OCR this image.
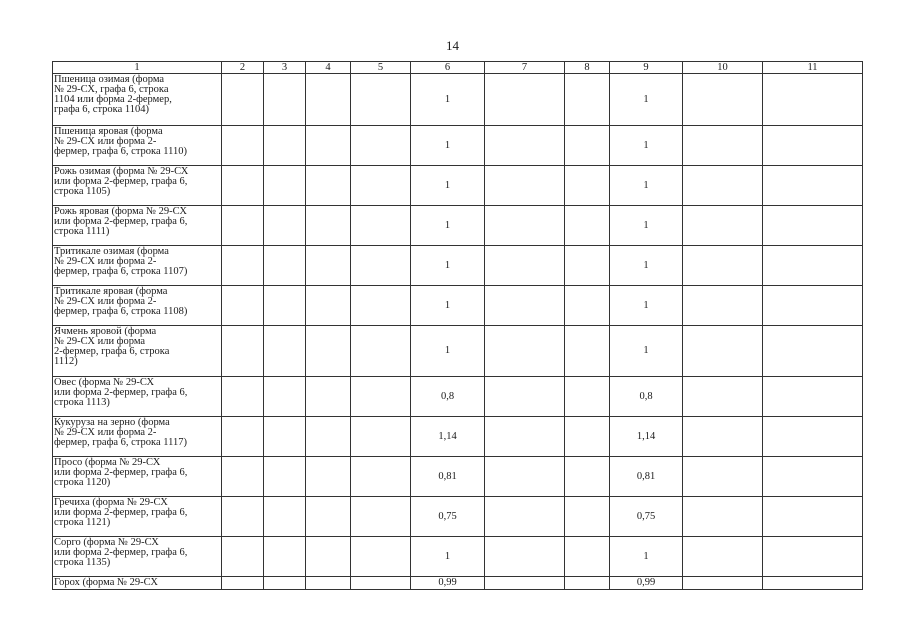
14
1	2	3	4	5	6	7	8	9	10	11
Пшеница озимая (форма
№ 29-СХ, графа 6, строка
1104 или форма 2-фермер,
графа 6, строка 1104)					1			1		
Пшеница яровая (форма
№ 29-СХ или форма 2-
фермер, графа 6, строка 1110)					1			1		
Рожь озимая (форма № 29-СХ
или форма 2-фермер, графа 6,
строка 1105)					1			1		
Рожь яровая (форма № 29-СХ
или форма 2-фермер, графа 6,
строка 1111)					1			1		
Тритикале озимая (форма
№ 29-СХ или форма 2-
фермер, графа 6, строка 1107)					1			1		
Тритикале яровая (форма
№ 29-СХ или форма 2-
фермер, графа 6, строка 1108)					1			1		
Ячмень яровой (форма
№ 29-СХ или форма
2-фермер, графа 6, строка
1112)					1			1		
Овес (форма № 29-СХ
или форма 2-фермер, графа 6,
строка 1113)					0,8			0,8		
Кукуруза на зерно (форма
№ 29-СХ или форма 2-
фермер, графа 6, строка 1117)					1,14			1,14		
Просо (форма № 29-СХ
или форма 2-фермер, графа 6,
строка 1120)					0,81			0,81		
Гречиха (форма № 29-СХ
или форма 2-фермер, графа 6,
строка 1121)					0,75			0,75		
Сорго (форма № 29-СХ
или форма 2-фермер, графа 6,
строка 1135)					1			1		
Горох (форма № 29-СХ					0,99			0,99		
